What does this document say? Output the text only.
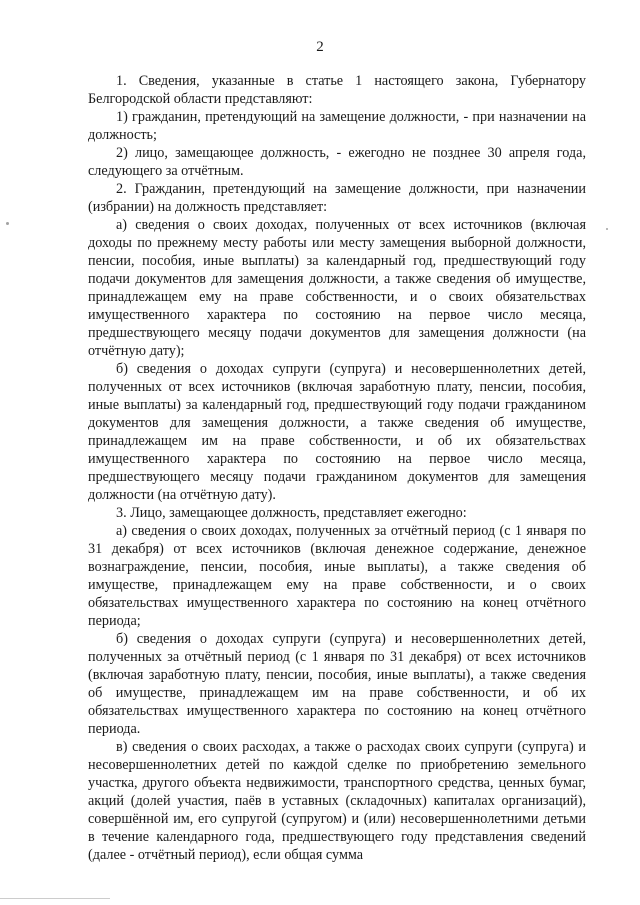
2

1. Сведения, указанные в статье 1 настоящего закона, Губернатору Белгородской области представляют:

1) гражданин, претендующий на замещение должности, - при назначении на должность;

2) лицо, замещающее должность, - ежегодно не позднее 30 апреля года, следующего за отчётным.

2. Гражданин, претендующий на замещение должности, при назначении (избрании) на должность представляет:

а) сведения о своих доходах, полученных от всех источников (включая доходы по прежнему месту работы или месту замещения выборной должности, пенсии, пособия, иные выплаты) за календарный год, предшествующий году подачи документов для замещения должности, а также сведения об имуществе, принадлежащем ему на праве собственности, и о своих обязательствах имущественного характера по состоянию на первое число месяца, предшествующего месяцу подачи документов для замещения должности (на отчётную дату);

б) сведения о доходах супруги (супруга) и несовершеннолетних детей, полученных от всех источников (включая заработную плату, пенсии, пособия, иные выплаты) за календарный год, предшествующий году подачи гражданином документов для замещения должности, а также сведения об имуществе, принадлежащем им на праве собственности, и об их обязательствах имущественного характера по состоянию на первое число месяца, предшествующего месяцу подачи гражданином документов для замещения должности (на отчётную дату).

3. Лицо, замещающее должность, представляет ежегодно:

а) сведения о своих доходах, полученных за отчётный период (с 1 января по 31 декабря) от всех источников (включая денежное содержание, денежное вознаграждение, пенсии, пособия, иные выплаты), а также сведения об имуществе, принадлежащем ему на праве собственности, и о своих обязательствах имущественного характера по состоянию на конец отчётного периода;

б) сведения о доходах супруги (супруга) и несовершеннолетних детей, полученных за отчётный период (с 1 января по 31 декабря) от всех источников (включая заработную плату, пенсии, пособия, иные выплаты), а также сведения об имуществе, принадлежащем им на праве собственности, и об их обязательствах имущественного характера по состоянию на конец отчётного периода.

в) сведения о своих расходах, а также о расходах своих супруги (супруга) и несовершеннолетних детей по каждой сделке по приобретению земельного участка, другого объекта недвижимости, транспортного средства, ценных бумаг, акций (долей участия, паёв в уставных (складочных) капиталах организаций), совершённой им, его супругой (супругом) и (или) несовершеннолетними детьми в течение календарного года, предшествующего году представления сведений (далее - отчётный период), если общая сумма
